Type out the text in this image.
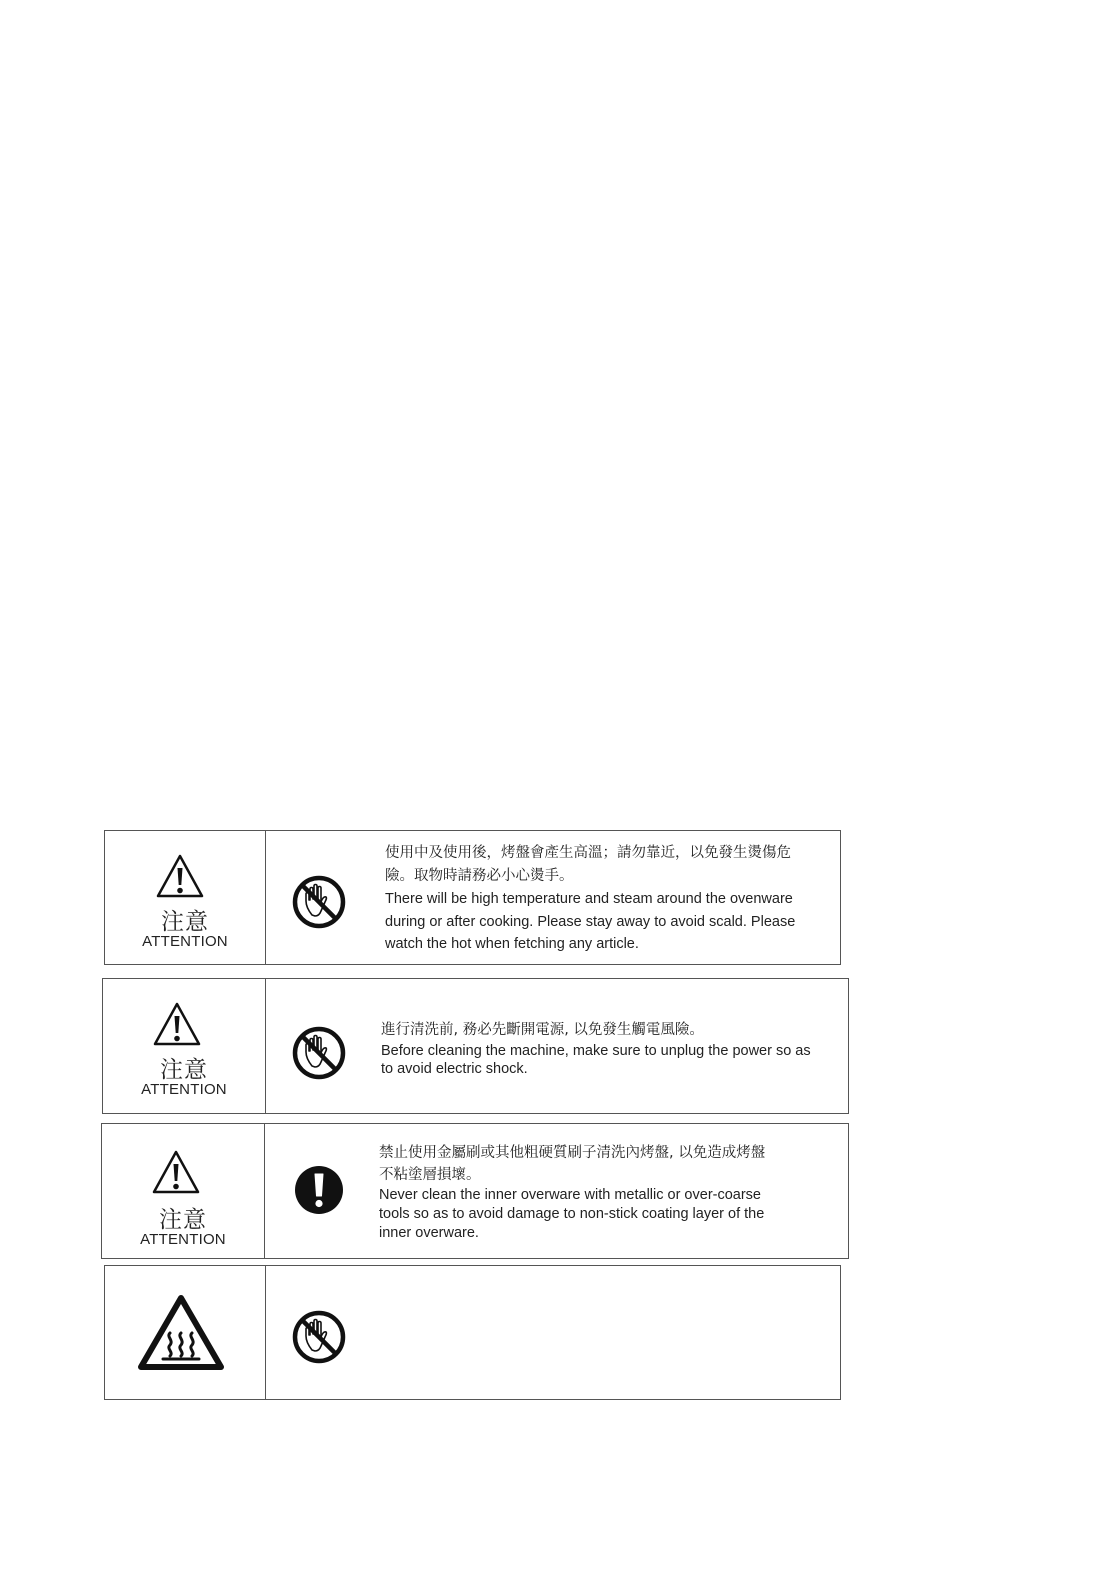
注意
ATTENTION

使用中及使用後，烤盤會產生高溫；請勿靠近，以免發生燙傷危
險。取物時請務必小心燙手。

There will be high temperature and steam around the ovenware
during or after cooking. Please stay away to avoid scald. Please
watch the hot when fetching any article.

注意
ATTENTION

進行清洗前, 務必先斷開電源, 以免發生觸電風險。

Before cleaning the machine, make sure to unplug the power so as
to avoid electric shock.

注意
ATTENTION

禁止使用金屬刷或其他粗硬質刷子清洗內烤盤, 以免造成烤盤
不粘塗層損壞。

Never clean the inner overware with metallic or over-coarse
tools so as to avoid damage to non-stick coating layer of the
inner overware.
